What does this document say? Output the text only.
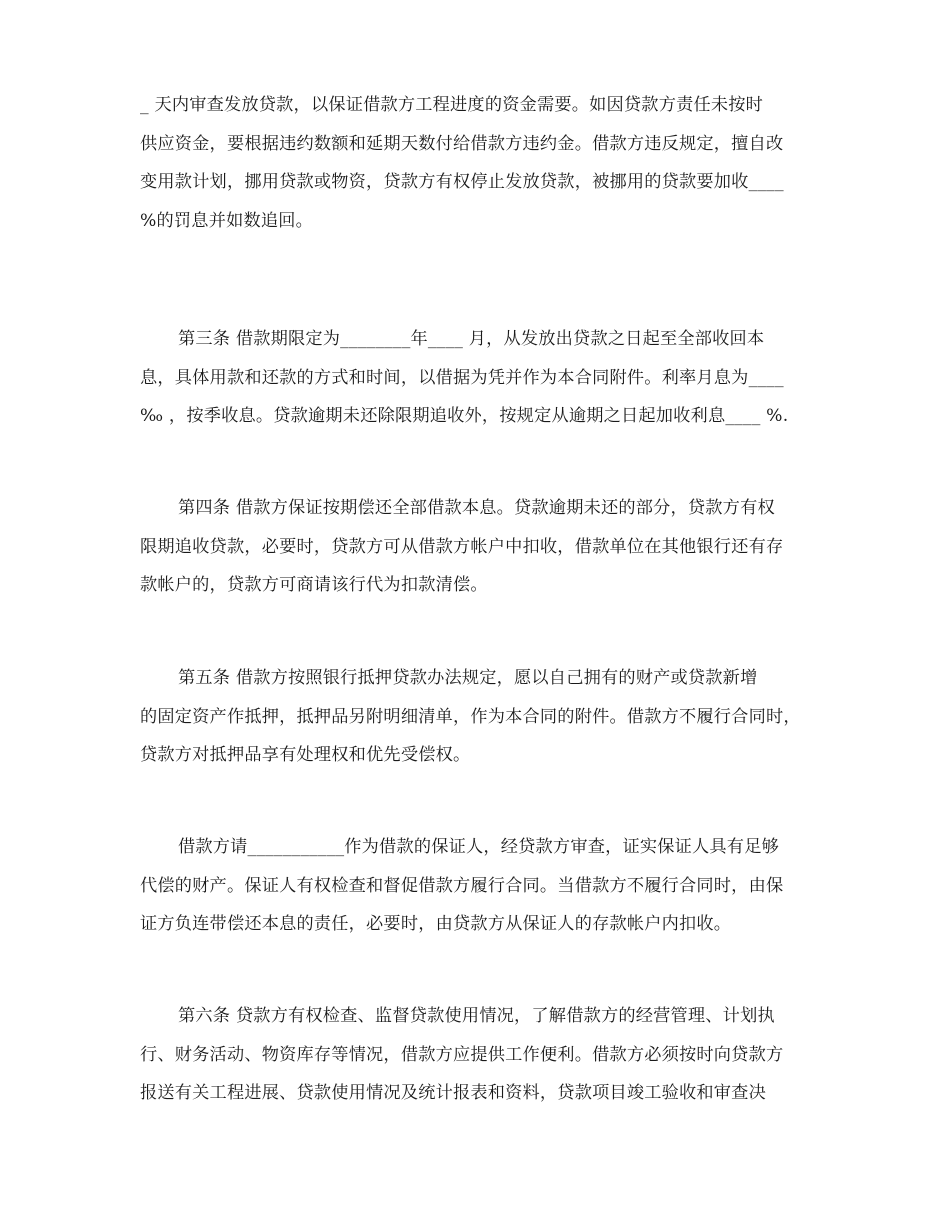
_ 天内审查发放贷款，以保证借款方工程进度的资金需要。如因贷款方责任未按时
供应资金，要根据违约数额和延期天数付给借款方违约金。借款方违反规定，擅自改
变用款计划，挪用贷款或物资，贷款方有权停止发放贷款，被挪用的贷款要加收____
%的罚息并如数追回。

第三条 借款期限定为________年____ 月，从发放出贷款之日起至全部收回本
息，具体用款和还款的方式和时间，以借据为凭并作为本合同附件。利率月息为____
‰ ，按季收息。贷款逾期未还除限期追收外，按规定从逾期之日起加收利息____ %.

第四条 借款方保证按期偿还全部借款本息。贷款逾期未还的部分，贷款方有权
限期追收贷款，必要时，贷款方可从借款方帐户中扣收，借款单位在其他银行还有存
款帐户的，贷款方可商请该行代为扣款清偿。

第五条 借款方按照银行抵押贷款办法规定，愿以自己拥有的财产或贷款新增
的固定资产作抵押，抵押品另附明细清单，作为本合同的附件。借款方不履行合同时，
贷款方对抵押品享有处理权和优先受偿权。

借款方请___________作为借款的保证人，经贷款方审查，证实保证人具有足够
代偿的财产。保证人有权检查和督促借款方履行合同。当借款方不履行合同时，由保
证方负连带偿还本息的责任，必要时，由贷款方从保证人的存款帐户内扣收。

第六条 贷款方有权检查、监督贷款使用情况，了解借款方的经营管理、计划执
行、财务活动、物资库存等情况，借款方应提供工作便利。借款方必须按时向贷款方
报送有关工程进展、贷款使用情况及统计报表和资料，贷款项目竣工验收和审查决
